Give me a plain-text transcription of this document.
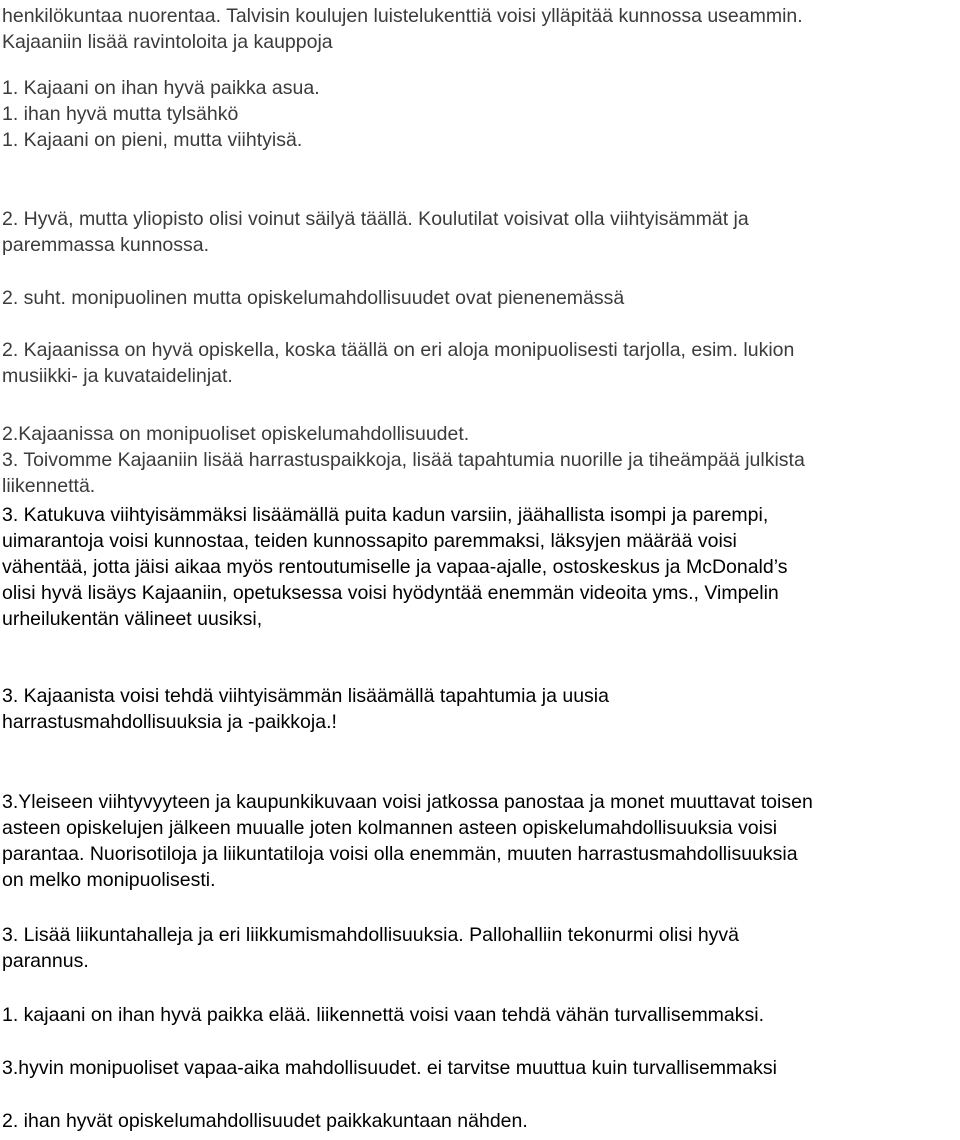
henkilökuntaa nuorentaa. Talvisin koulujen luistelukenttiä voisi ylläpitää kunnossa useammin.
Kajaaniin lisää ravintoloita ja kauppoja

1. Kajaani on ihan hyvä paikka asua.
1. ihan hyvä mutta tylsähkö
1. Kajaani on pieni, mutta viihtyisä.

2. Hyvä, mutta yliopisto olisi voinut säilyä täällä. Koulutilat voisivat olla viihtyisämmät ja
paremmassa kunnossa.

2. suht. monipuolinen mutta opiskelumahdollisuudet ovat pienenemässä

2. Kajaanissa on hyvä opiskella, koska täällä on eri aloja monipuolisesti tarjolla, esim. lukion
musiikki- ja kuvataidelinjat.

2.Kajaanissa on monipuoliset opiskelumahdollisuudet.
3. Toivomme Kajaaniin lisää harrastuspaikkoja, lisää tapahtumia nuorille ja tiheämpää julkista
liikennettä.

3. Katukuva viihtyisämmäksi lisäämällä puita kadun varsiin, jäähallista isompi ja parempi,
uimarantoja voisi kunnostaa, teiden kunnossapito paremmaksi, läksyjen määrää voisi
vähentää, jotta jäisi aikaa myös rentoutumiselle ja vapaa-ajalle, ostoskeskus ja McDonald’s
olisi hyvä lisäys Kajaaniin, opetuksessa voisi hyödyntää enemmän videoita yms., Vimpelin
urheilukentän välineet uusiksi,

3. Kajaanista voisi tehdä viihtyisämmän lisäämällä tapahtumia ja uusia
harrastusmahdollisuuksia ja -paikkoja.!

3.Yleiseen viihtyvyyteen ja kaupunkikuvaan voisi jatkossa panostaa ja monet muuttavat toisen
asteen opiskelujen jälkeen muualle joten kolmannen asteen opiskelumahdollisuuksia voisi
parantaa. Nuorisotiloja ja liikuntatiloja voisi olla enemmän, muuten harrastusmahdollisuuksia
on melko monipuolisesti.

3. Lisää liikuntahalleja ja eri liikkumismahdollisuuksia. Pallohalliin tekonurmi olisi hyvä
parannus.

1. kajaani on ihan hyvä paikka elää. liikennettä voisi vaan tehdä vähän turvallisemmaksi.

3.hyvin monipuoliset vapaa-aika mahdollisuudet. ei tarvitse muuttua kuin turvallisemmaksi

2. ihan hyvät opiskelumahdollisuudet paikkakuntaan nähden.
